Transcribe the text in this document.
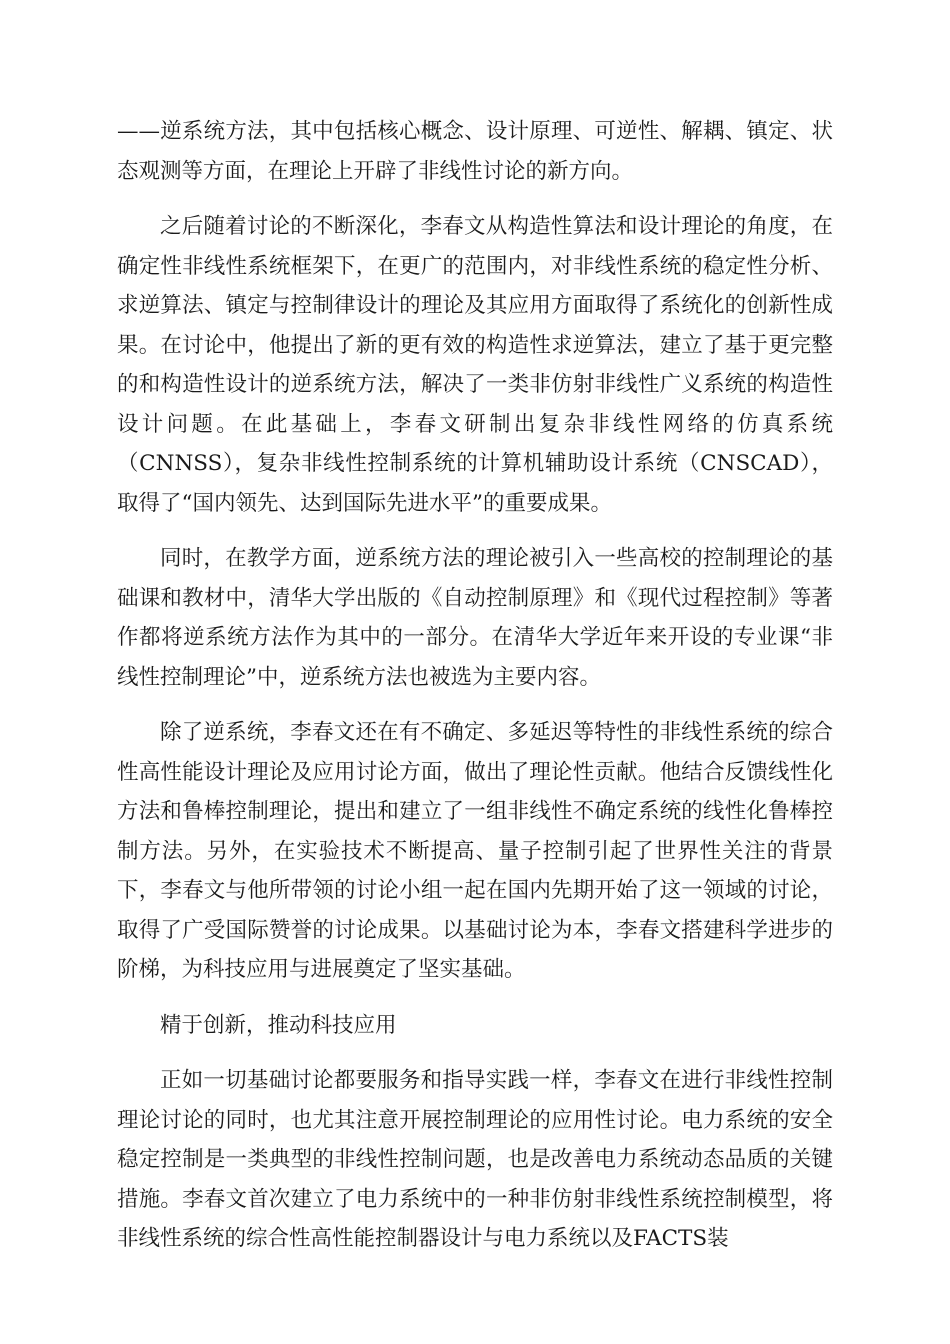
——逆系统方法，其中包括核心概念、设计原理、可逆性、解耦、镇定、状态观测等方面，在理论上开辟了非线性讨论的新方向。

之后随着讨论的不断深化，李春文从构造性算法和设计理论的角度，在确定性非线性系统框架下，在更广的范围内，对非线性系统的稳定性分析、求逆算法、镇定与控制律设计的理论及其应用方面取得了系统化的创新性成果。在讨论中，他提出了新的更有效的构造性求逆算法，建立了基于更完整的和构造性设计的逆系统方法，解决了一类非仿射非线性广义系统的构造性设计问题。在此基础上，李春文研制出复杂非线性网络的仿真系统（CNNSS），复杂非线性控制系统的计算机辅助设计系统（CNSCAD），取得了“国内领先、达到国际先进水平”的重要成果。

同时，在教学方面，逆系统方法的理论被引入一些高校的控制理论的基础课和教材中，清华大学出版的《自动控制原理》和《现代过程控制》等著作都将逆系统方法作为其中的一部分。在清华大学近年来开设的专业课“非线性控制理论”中，逆系统方法也被选为主要内容。

除了逆系统，李春文还在有不确定、多延迟等特性的非线性系统的综合性高性能设计理论及应用讨论方面，做出了理论性贡献。他结合反馈线性化方法和鲁棒控制理论，提出和建立了一组非线性不确定系统的线性化鲁棒控制方法。另外，在实验技术不断提高、量子控制引起了世界性关注的背景下，李春文与他所带领的讨论小组一起在国内先期开始了这一领域的讨论，取得了广受国际赞誉的讨论成果。以基础讨论为本，李春文搭建科学进步的阶梯，为科技应用与进展奠定了坚实基础。

精于创新，推动科技应用

正如一切基础讨论都要服务和指导实践一样，李春文在进行非线性控制理论讨论的同时，也尤其注意开展控制理论的应用性讨论。电力系统的安全稳定控制是一类典型的非线性控制问题，也是改善电力系统动态品质的关键措施。李春文首次建立了电力系统中的一种非仿射非线性系统控制模型，将非线性系统的综合性高性能控制器设计与电力系统以及FACTS装
